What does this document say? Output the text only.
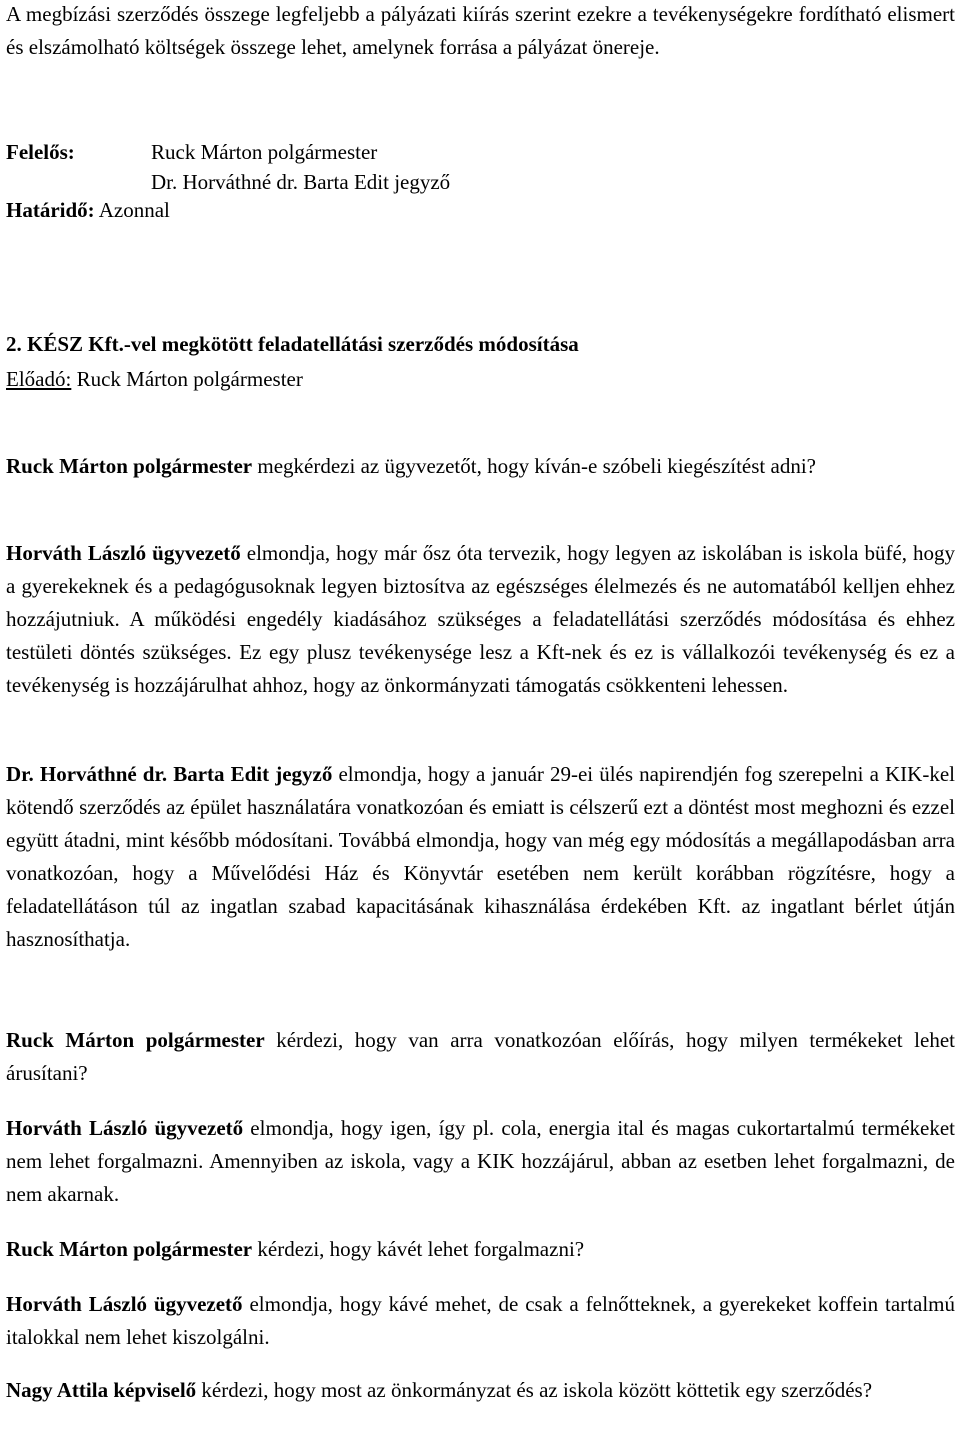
A megbízási szerződés összege legfeljebb a pályázati kiírás szerint ezekre a tevékenységekre fordítható elismert és elszámolható költségek összege lehet, amelynek forrása a pályázat önereje.

Felelős:	Ruck Márton polgármester
Dr. Horváthné dr. Barta Edit jegyző
Határidő: Azonnal
2. KÉSZ Kft.-vel megkötött feladatellátási szerződés módosítása
Előadó: Ruck Márton polgármester

Ruck Márton polgármester megkérdezi az ügyvezetőt, hogy kíván-e szóbeli kiegészítést adni?

Horváth László ügyvezető elmondja, hogy már ősz óta tervezik, hogy legyen az iskolában is iskola büfé, hogy a gyerekeknek és a pedagógusoknak legyen biztosítva az egészséges élelmezés és ne automatából kelljen ehhez hozzájutniuk. A működési engedély kiadásához szükséges a feladatellátási szerződés módosítása és ehhez testületi döntés szükséges. Ez egy plusz tevékenysége lesz a Kft-nek és ez is vállalkozói tevékenység és ez a tevékenység is hozzájárulhat ahhoz, hogy az önkormányzati támogatás csökkenteni lehessen.

Dr. Horváthné dr. Barta Edit jegyző elmondja, hogy a január 29-ei ülés napirendjén fog szerepelni a KIK-kel kötendő szerződés az épület használatára vonatkozóan és emiatt is célszerű ezt a döntést most meghozni és ezzel együtt átadni, mint később módosítani. Továbbá elmondja, hogy van még egy módosítás a megállapodásban arra vonatkozóan, hogy a Művelődési Ház és Könyvtár esetében nem került korábban rögzítésre, hogy a feladatellátáson túl az ingatlan szabad kapacitásának kihasználása érdekében Kft. az ingatlant bérlet útján hasznosíthatja.

Ruck Márton polgármester kérdezi, hogy van arra vonatkozóan előírás, hogy milyen termékeket lehet árusítani?

Horváth László ügyvezető elmondja, hogy igen, így pl. cola, energia ital és magas cukortartalmú termékeket nem lehet forgalmazni. Amennyiben az iskola, vagy a KIK hozzájárul, abban az esetben lehet forgalmazni, de nem akarnak.

Ruck Márton polgármester kérdezi, hogy kávét lehet forgalmazni?

Horváth László ügyvezető elmondja, hogy kávé mehet, de csak a felnőtteknek, a gyerekeket koffein tartalmú italokkal nem lehet kiszolgálni.

Nagy Attila képviselő kérdezi, hogy most az önkormányzat és az iskola között köttetik egy szerződés?
